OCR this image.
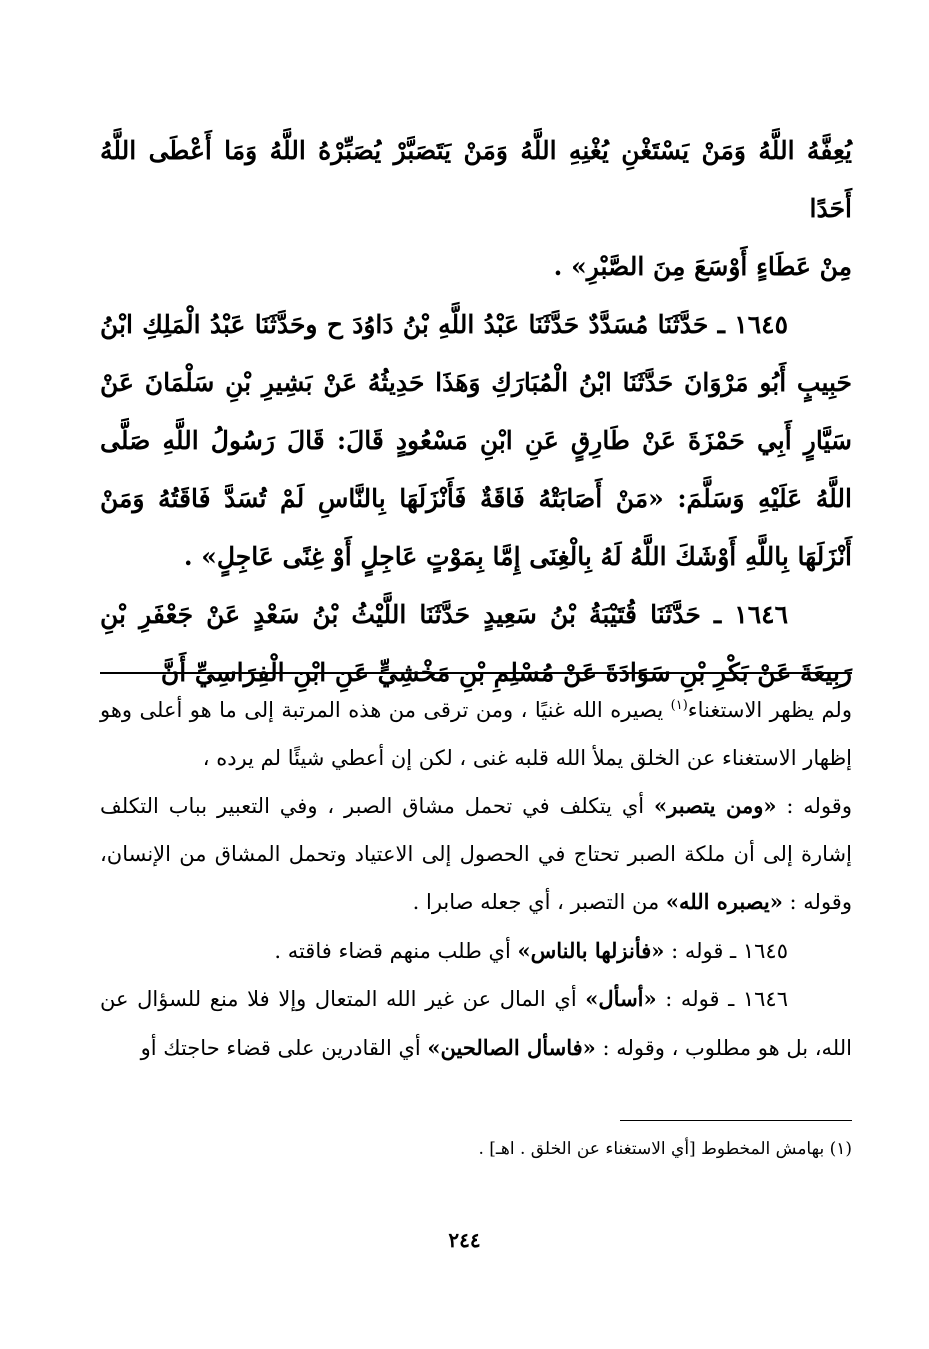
يُعِفَّهُ اللَّهُ وَمَنْ يَسْتَغْنِ يُغْنِهِ اللَّهُ وَمَنْ يَتَصَبَّرْ يُصَبِّرْهُ اللَّهُ وَمَا أَعْطَى اللَّهُ أَحَدًا

مِنْ عَطَاءٍ أَوْسَعَ مِنَ الصَّبْرِ» .

١٦٤٥ ـ حَدَّثَنَا مُسَدَّدٌ حَدَّثَنَا عَبْدُ اللَّهِ بْنُ دَاوُدَ ح وحَدَّثَنَا عَبْدُ الْمَلِكِ ابْنُ حَبِيبٍ أَبُو مَرْوَانَ حَدَّثَنَا ابْنُ الْمُبَارَكِ وَهَذَا حَدِيثُهُ عَنْ بَشِيرِ بْنِ سَلْمَانَ عَنْ سَيَّارٍ أَبِي حَمْزَةَ عَنْ طَارِقٍ عَنِ ابْنِ مَسْعُودٍ قَالَ: قَالَ رَسُولُ اللَّهِ صَلَّى اللَّهُ عَلَيْهِ وَسَلَّمَ: «مَنْ أَصَابَتْهُ فَاقَةٌ فَأَنْزَلَهَا بِالنَّاسِ لَمْ تُسَدَّ فَاقَتُهُ وَمَنْ أَنْزَلَهَا بِاللَّهِ أَوْشَكَ اللَّهُ لَهُ بِالْغِنَى إِمَّا بِمَوْتٍ عَاجِلٍ أَوْ غِنًى عَاجِلٍ» .

١٦٤٦ ـ حَدَّثَنَا قُتَيْبَةُ بْنُ سَعِيدٍ حَدَّثَنَا اللَّيْثُ بْنُ سَعْدٍ عَنْ جَعْفَرِ بْنِ رَبِيعَةَ عَنْ بَكْرِ بْنِ سَوَادَةَ عَنْ مُسْلِمِ بْنِ مَخْشِيٍّ عَنِ ابْنِ الْفِرَاسِيِّ أَنَّ

ولم يظهر الاستغناء$^{(١)}$ يصيره الله غنيًا ، ومن ترقى من هذه المرتبة إلى ما هو أعلى وهو إظهار الاستغناء عن الخلق يملأ الله قلبه غنى ، لكن إن أعطي شيئًا لم يرده ،

وقوله : «ومن يتصبر» أي يتكلف في تحمل مشاق الصبر ، وفي التعبير بباب التكلف إشارة إلى أن ملكة الصبر تحتاج في الحصول إلى الاعتياد وتحمل المشاق من الإنسان، وقوله : «يصبره الله» من التصبر ، أي جعله صابرا .

١٦٤٥ ـ قوله : «فأنزلها بالناس» أي طلب منهم قضاء فاقته .

١٦٤٦ ـ قوله : «أسأل» أي المال عن غير الله المتعال وإلا فلا منع للسؤال عن الله، بل هو مطلوب ، وقوله : «فاسأل الصالحين» أي القادرين على قضاء حاجتك أو

(١) بهامش المخطوط [أي الاستغناء عن الخلق . اهـ] .
٢٤٤
